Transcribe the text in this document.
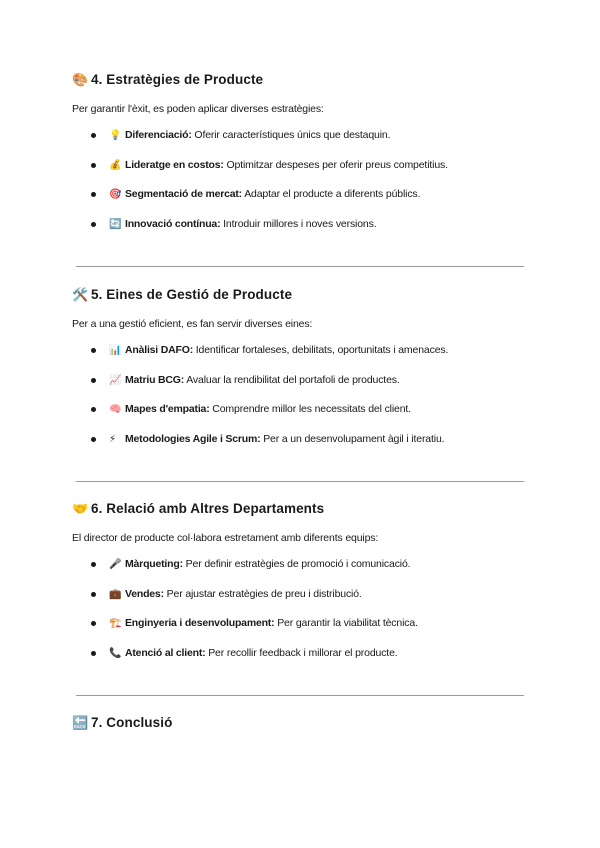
🎨 4. Estratègies de Producte

Per garantir l'èxit, es poden aplicar diverses estratègies:

💡 Diferenciació: Oferir característiques únics que destaquin.
💰 Lideratge en costos: Optimitzar despeses per oferir preus competitius.
🎯 Segmentació de mercat: Adaptar el producte a diferents públics.
🔄 Innovació contínua: Introduir millores i noves versions.
🛠️ 5. Eines de Gestió de Producte

Per a una gestió eficient, es fan servir diverses eines:

📊 Anàlisi DAFO: Identificar fortaleses, debilitats, oportunitats i amenaces.
📈 Matriu BCG: Avaluar la rendibilitat del portafoli de productes.
🧠 Mapes d'empatia: Comprendre millor les necessitats del client.
⚡ Metodologies Agile i Scrum: Per a un desenvolupament àgil i iteratiu.
🤝 6. Relació amb Altres Departaments

El director de producte col·labora estretament amb diferents equips:

🎤 Màrqueting: Per definir estratègies de promoció i comunicació.
💼 Vendes: Per ajustar estratègies de preu i distribució.
🏗️ Enginyeria i desenvolupament: Per garantir la viabilitat tècnica.
📞 Atenció al client: Per recollir feedback i millorar el producte.
🔙 7. Conclusió
